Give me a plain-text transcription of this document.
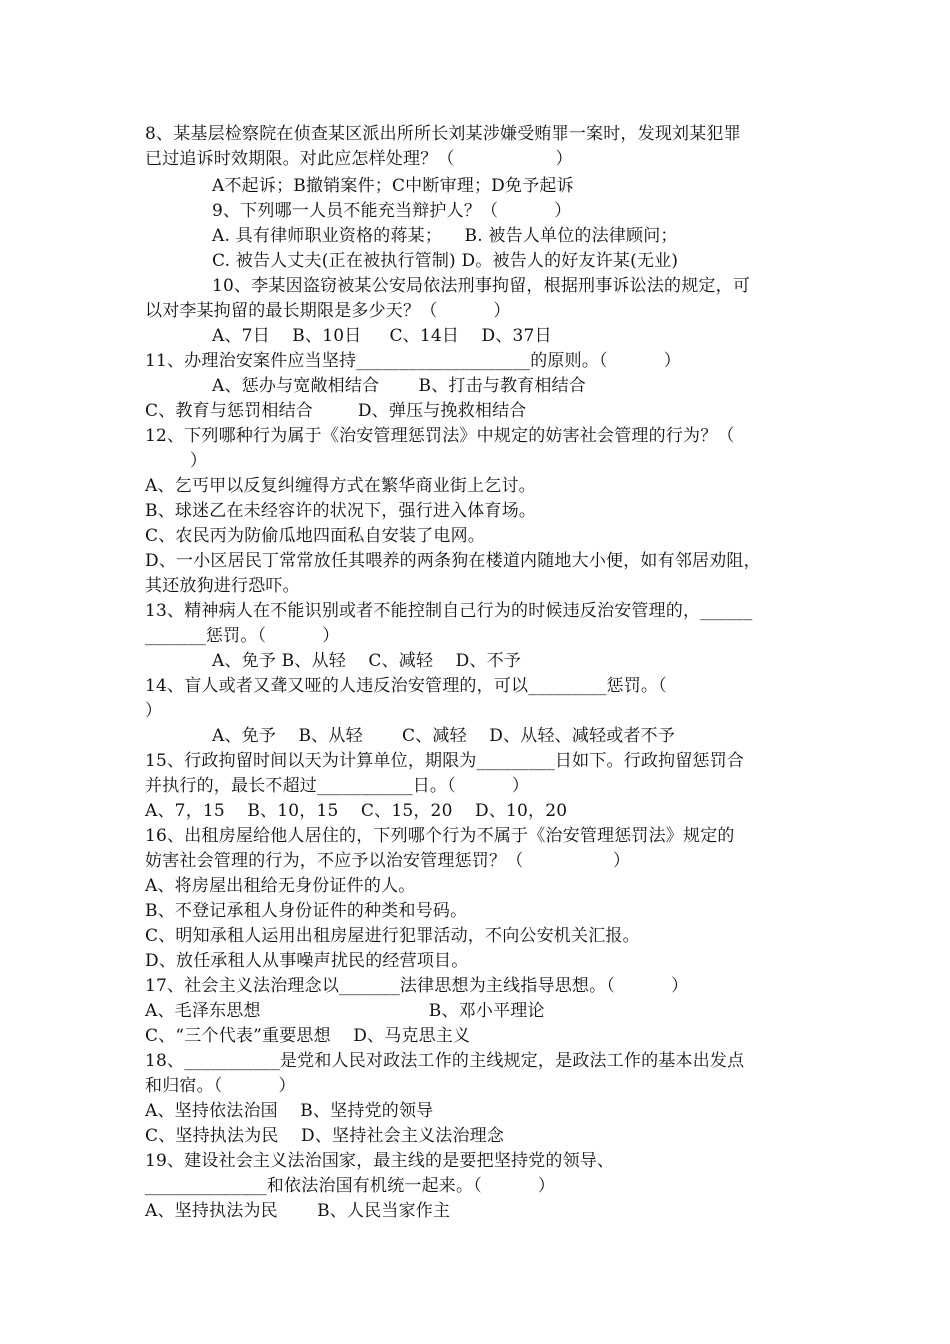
8、某基层检察院在侦查某区派出所所长刘某涉嫌受贿罪一案时，发现刘某犯罪
已过追诉时效期限。对此应怎样处理？（                  ）
A不起诉；B撤销案件；C中断审理；D免予起诉
9、下列哪一人员不能充当辩护人？（          ）
A. 具有律师职业资格的蒋某；    B. 被告人单位的法律顾问；
C. 被告人丈夫(正在被执行管制) D。被告人的好友许某(无业)
10、李某因盗窃被某公安局依法刑事拘留，根据刑事诉讼法的规定，可
以对李某拘留的最长期限是多少天？（          ）
A、7日    B、10日     C、14日    D、37日
11、办理治安案件应当坚持____________________的原则。（          ）
A、惩办与宽敞相结合       B、打击与教育相结合
C、教育与惩罚相结合        D、弹压与挽救相结合
12、下列哪种行为属于《治安管理惩罚法》中规定的妨害社会管理的行为？（
）
A、乞丐甲以反复纠缠得方式在繁华商业街上乞讨。
B、球迷乙在未经容许的状况下，强行进入体育场。
C、农民丙为防偷瓜地四面私自安装了电网。
D、一小区居民丁常常放任其喂养的两条狗在楼道内随地大小便，如有邻居劝阻，
其还放狗进行恐吓。
13、精神病人在不能识别或者不能控制自己行为的时候违反治安管理的，______
_______惩罚。（          ）
A、免予 B、从轻    C、减轻    D、不予
14、盲人或者又聋又哑的人违反治安管理的，可以_________惩罚。（
）
A、免予    B、从轻       C、减轻    D、从轻、减轻或者不予
15、行政拘留时间以天为计算单位，期限为_________日如下。行政拘留惩罚合
并执行的，最长不超过___________日。（          ）
A、7，15    B、10，15    C、15，20    D、10，20
16、出租房屋给他人居住的，下列哪个行为不属于《治安管理惩罚法》规定的
妨害社会管理的行为，不应予以治安管理惩罚？（                ）
A、将房屋出租给无身份证件的人。
B、不登记承租人身份证件的种类和号码。
C、明知承租人运用出租房屋进行犯罪活动，不向公安机关汇报。
D、放任承租人从事噪声扰民的经营项目。
17、社会主义法治理念以_______法律思想为主线指导思想。（          ）
A、毛泽东思想                              B、邓小平理论
C、“三个代表”重要思想    D、马克思主义
18、___________是党和人民对政法工作的主线规定，是政法工作的基本出发点
和归宿。（          ）
A、坚持依法治国    B、坚持党的领导
C、坚持执法为民    D、坚持社会主义法治理念
19、建设社会主义法治国家，最主线的是要把坚持党的领导、
______________和依法治国有机统一起来。（          ）
A、坚持执法为民       B、人民当家作主
